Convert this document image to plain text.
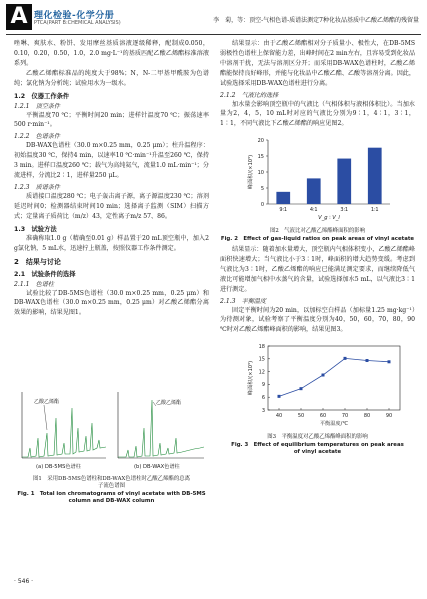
A 理化检验-化学分册
PTCA(PART B:CHEMICAL ANALYSIS)	李　菊，等：顶空-气相色谱-质谱法测定7种化妆品基质中乙酸乙烯酯的残留量

唑啉、爽肤水、粉饼、发用摩丝基质溶液逐级稀释，配制成0.050，0.10，0.20，0.50，1.0，2.0 mg·L⁻¹的基质匹配乙酸乙烯酯标准溶液系列。

乙酸乙烯酯标准品的纯度大于98%；N，N-二甲基甲酰胺为色谱纯；氯化钠为分析纯；试验用水为一级水。

1.2　仪器工作条件
1.2.1　顶空条件

平衡温度70 ℃；平衡时间20 min；进样针温度70 ℃；振荡速率500 r·min⁻¹。

1.2.2　色谱条件

DB-WAX色谱柱（30.0 m×0.25 mm，0.25 μm）；柱升温程序：初始温度30 ℃，保持4 min，以速率10 ℃·min⁻¹升温至260 ℃，保持3 min。进样口温度260 ℃；载气为高纯氦气，流量1.0 mL·min⁻¹；分流进样，分流比2∶1，进样量250 μL。

1.2.3　质谱条件

质谱接口温度280 ℃；电子轰击离子源，离子源温度230 ℃；溶剂延迟时间0；检测器结束时间10 min；选择离子监测（SIM）扫描方式；定量离子质荷比（m/z）43，定性离子m/z 57、86。

1.3　试验方法

准确称取1.0 g（精确至0.01 g）样品置于20 mL顶空瓶中，加入2 g氯化钠，5 mL水，迅速拧上瓶盖，按照仪器工作条件测定。

2　结果与讨论
2.1　试验条件的选择
2.1.1　色谱柱

试验比较了DB-5MS色谱柱（30.0 m×0.25 mm，0.25 μm）和DB-WAX色谱柱（30.0 m×0.25 mm，0.25 μm）对乙酸乙烯酯分离效果的影响，结果见图1。

乙酸乙烯酯
(a) DB-5MS色谱柱
乙酸乙烯酯
(b) DB-WAX色谱柱
图1　采用DB-5MS色谱柱和DB-WAX色谱柱时乙酸乙烯酯的总离
子流色谱图
Fig. 1　Total ion chromatograms of vinyl acetate with DB-5MS
column and DB-WAX column

结果显示：由于乙酸乙烯酯相对分子质量小、极性大，在DB-5MS弱极性色谱柱上保留能力差，出峰时间在2 min左右，且容易受到化妆品中溶剂干扰，无法与溶剂区分开；而采用DB-WAX色谱柱时，乙酸乙烯酯能保持良好峰形，并能与化妆品中乙酸乙酯、乙酸等溶剂分离。因此，试验选择采用DB-WAX色谱柱进行分离。

2.1.2　气液比的选择

加水量会影响顶空瓶中的气液比（气相体积与液相体积比）。当加水量为2，4，5，10 mL时对应的气液比分别为9∶1，4∶1，3∶1，1∶1，不同气液比下乙酸乙烯酯的响应见图2。

0
5
10
15
20
9∶1	4∶1	3∶1	1∶1
V_g ∶ V_l
峰面积/(×10⁵)
图2　气液比对乙酸乙烯酯峰面积的影响
Fig. 2　Effect of gas-liquid ratios on peak areas of vinyl acetate

结果显示：随着加水量增大，顶空瓶内气相体积变小，乙酸乙烯酯峰面积快速增大；当气液比小于3∶1时，峰面积的增大趋势变缓。考虑到气液比为3∶1时，乙酸乙烯酯的响应已能满足测定要求，而继续降低气液比可能增加气相中水蒸气的含量，试验选择加水5 mL，以气液比3∶1进行测定。

2.1.3　平衡温度

固定平衡时间为20 min，以加标空白样品（加标量1.25 mg·kg⁻¹）为待测对象，试验考察了平衡温度分别为40，50，60，70，80，90 ℃时对乙酸乙烯酯峰面积的影响，结果见图3。

3
6
9
12
15
18
40	50	60	70	80	90
平衡温度/℃
峰面积/(×10⁵)
图3　平衡温度对乙酸乙烯酯峰面积的影响
Fig. 3　Effect of equilibrium temperatures on peak areas
of vinyl acetate
· 546 ·
